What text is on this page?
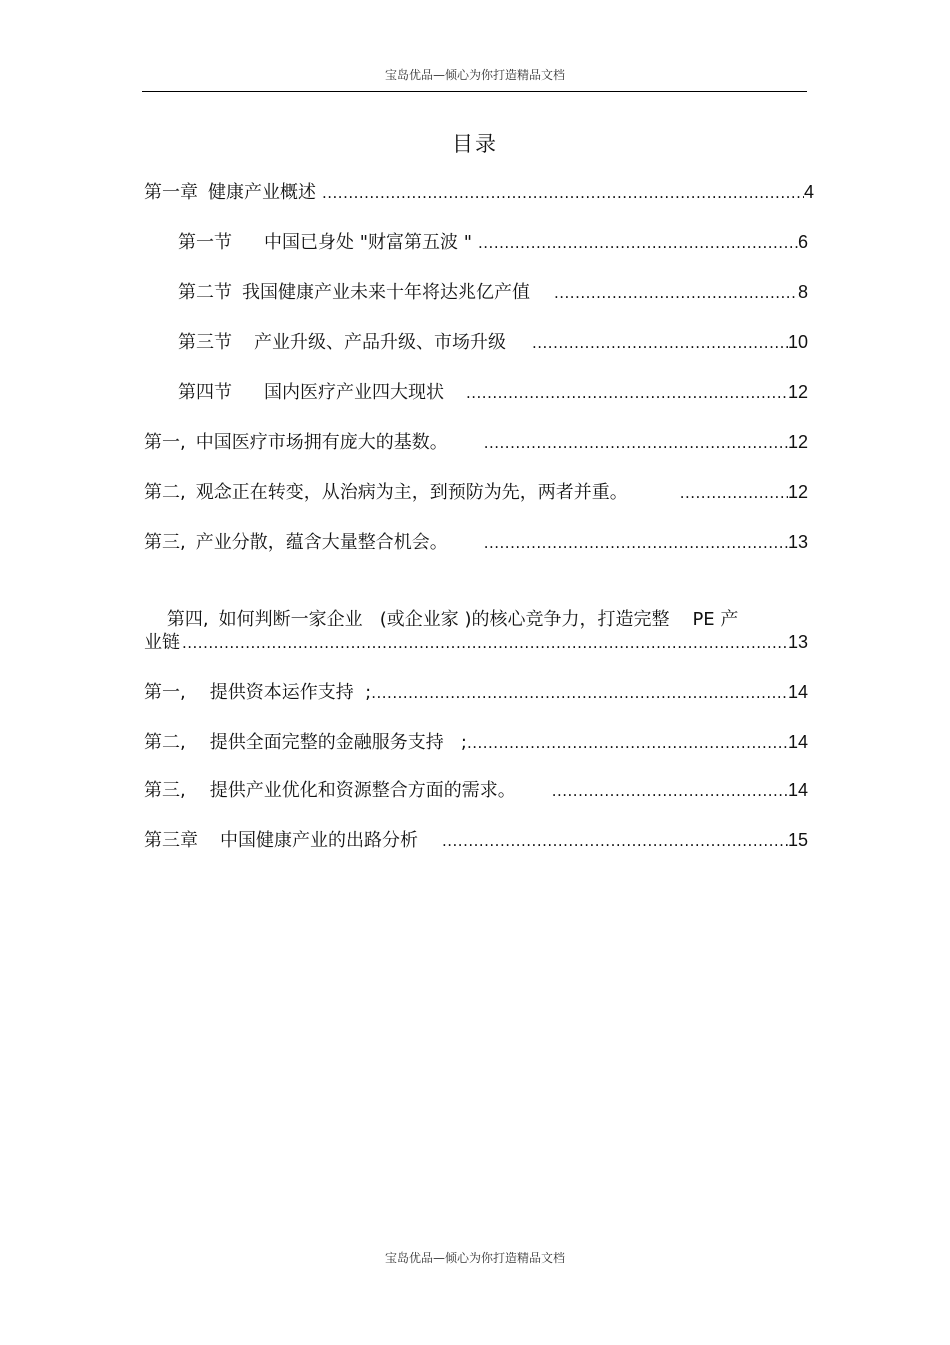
宝岛优品—倾心为你打造精品文档
目录
第一章 健康产业概述 .....	4
第一节 中国已身处 "财富第五波 " .....	6
第二节 我国健康产业未来十年将达兆亿产值 .....	8
第三节 产业升级、产品升级、市场升级 .....	10
第四节 国内医疗产业四大现状 .....	12
第一, 中国医疗市场拥有庞大的基数。 .....	12
第二, 观念正在转变，从治病为主，到预防为先，两者并重。 .....	12
第三, 产业分散，蕴含大量整合机会。 .....	13

第四, 如何判断一家企业   (或企业家 )的核心竞争力，打造完整    PE 产

业链 .....	13
第一, 提供资本运作支持  ; .....	14
第二, 提供全面完整的金融服务支持   ; .....	14
第三, 提供产业优化和资源整合方面的需求。 .....	14
第三章 中国健康产业的出路分析 .....	15
宝岛优品—倾心为你打造精品文档
